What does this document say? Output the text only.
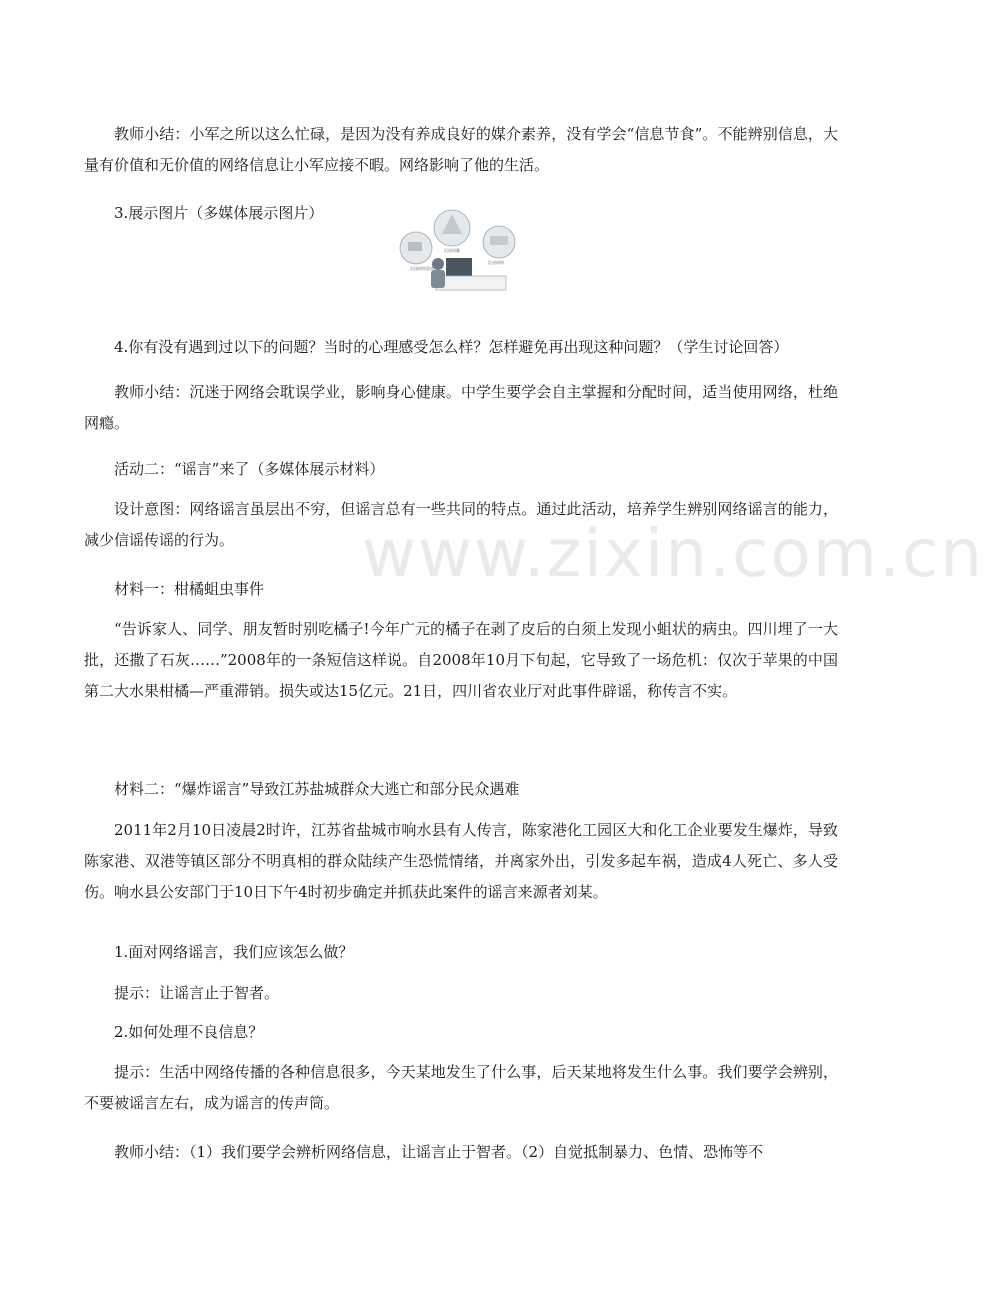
www.zixin.com.cn

教师小结：小军之所以这么忙碌，是因为没有养成良好的媒介素养，没有学会“信息节食”。不能辨别信息，大量有价值和无价值的网络信息让小军应接不暇。网络影响了他的生活。

3.展示图片（多媒体展示图片）

沉迷网络游戏
沉迷网聊
沉迷网购

4.你有没有遇到过以下的问题？当时的心理感受怎么样？怎样避免再出现这种问题？（学生讨论回答）

教师小结：沉迷于网络会耽误学业，影响身心健康。中学生要学会自主掌握和分配时间，适当使用网络，杜绝网瘾。

活动二：“谣言”来了（多媒体展示材料）

设计意图：网络谣言虽层出不穷，但谣言总有一些共同的特点。通过此活动，培养学生辨别网络谣言的能力，减少信谣传谣的行为。

材料一：柑橘蛆虫事件

“告诉家人、同学、朋友暂时别吃橘子!今年广元的橘子在剥了皮后的白须上发现小蛆状的病虫。四川埋了一大批，还撒了石灰……”2008年的一条短信这样说。自2008年10月下旬起，它导致了一场危机：仅次于苹果的中国第二大水果柑橘—严重滞销。损失或达15亿元。21日，四川省农业厅对此事件辟谣，称传言不实。

材料二：“爆炸谣言”导致江苏盐城群众大逃亡和部分民众遇难

2011年2月10日凌晨2时许，江苏省盐城市响水县有人传言，陈家港化工园区大和化工企业要发生爆炸，导致陈家港、双港等镇区部分不明真相的群众陆续产生恐慌情绪，并离家外出，引发多起车祸，造成4人死亡、多人受伤。响水县公安部门于10日下午4时初步确定并抓获此案件的谣言来源者刘某。

1.面对网络谣言，我们应该怎么做？

提示：让谣言止于智者。

2.如何处理不良信息？

提示：生活中网络传播的各种信息很多，今天某地发生了什么事，后天某地将发生什么事。我们要学会辨别，不要被谣言左右，成为谣言的传声筒。

教师小结：（1）我们要学会辨析网络信息，让谣言止于智者。（2）自觉抵制暴力、色情、恐怖等不
